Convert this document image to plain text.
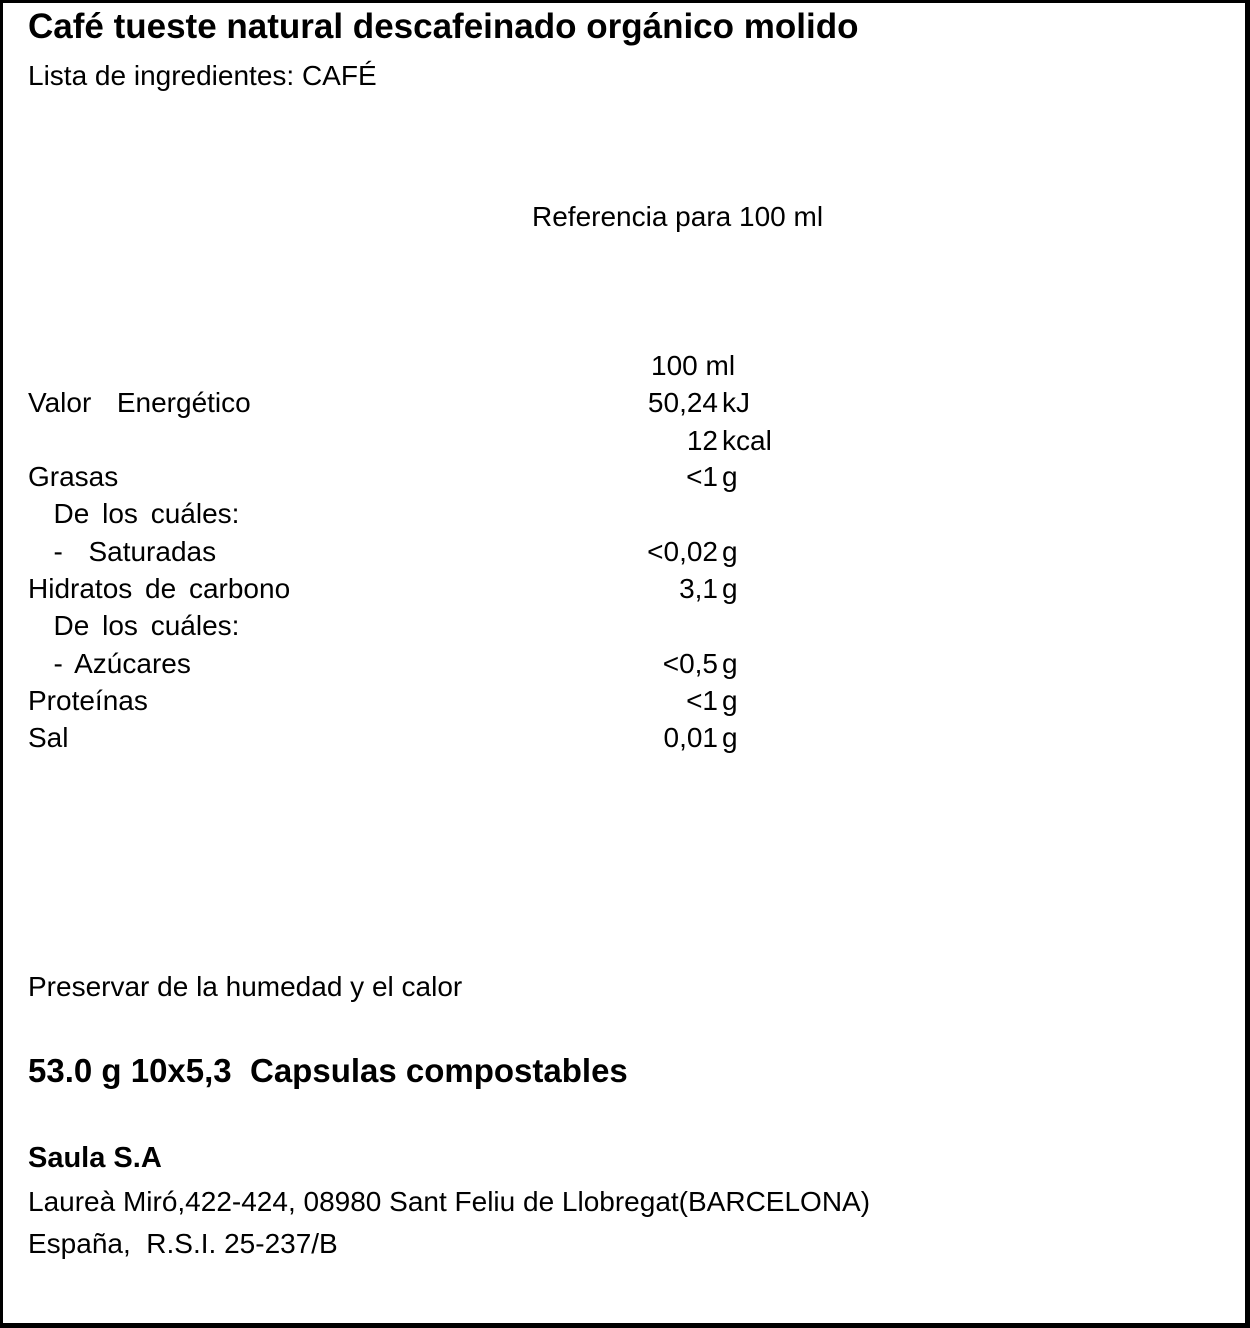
Café tueste natural descafeinado orgánico molido
Lista de ingredientes: CAFÉ
Referencia para 100 ml
100 ml
Valor  Energético	50,24 kJ
12 kcal
Grasas	<1 g
De los cuáles:
-  Saturadas	<0,02 g
Hidratos de carbono	3,1 g
De los cuáles:
- Azúcares	<0,5 g
Proteínas	<1 g
Sal	0,01 g
Preservar de la humedad y el calor
53.0 g 10x5,3  Capsulas compostables
Saula S.A
Laureà Miró,422-424, 08980 Sant Feliu de Llobregat(BARCELONA)
España,  R.S.I. 25-237/B
